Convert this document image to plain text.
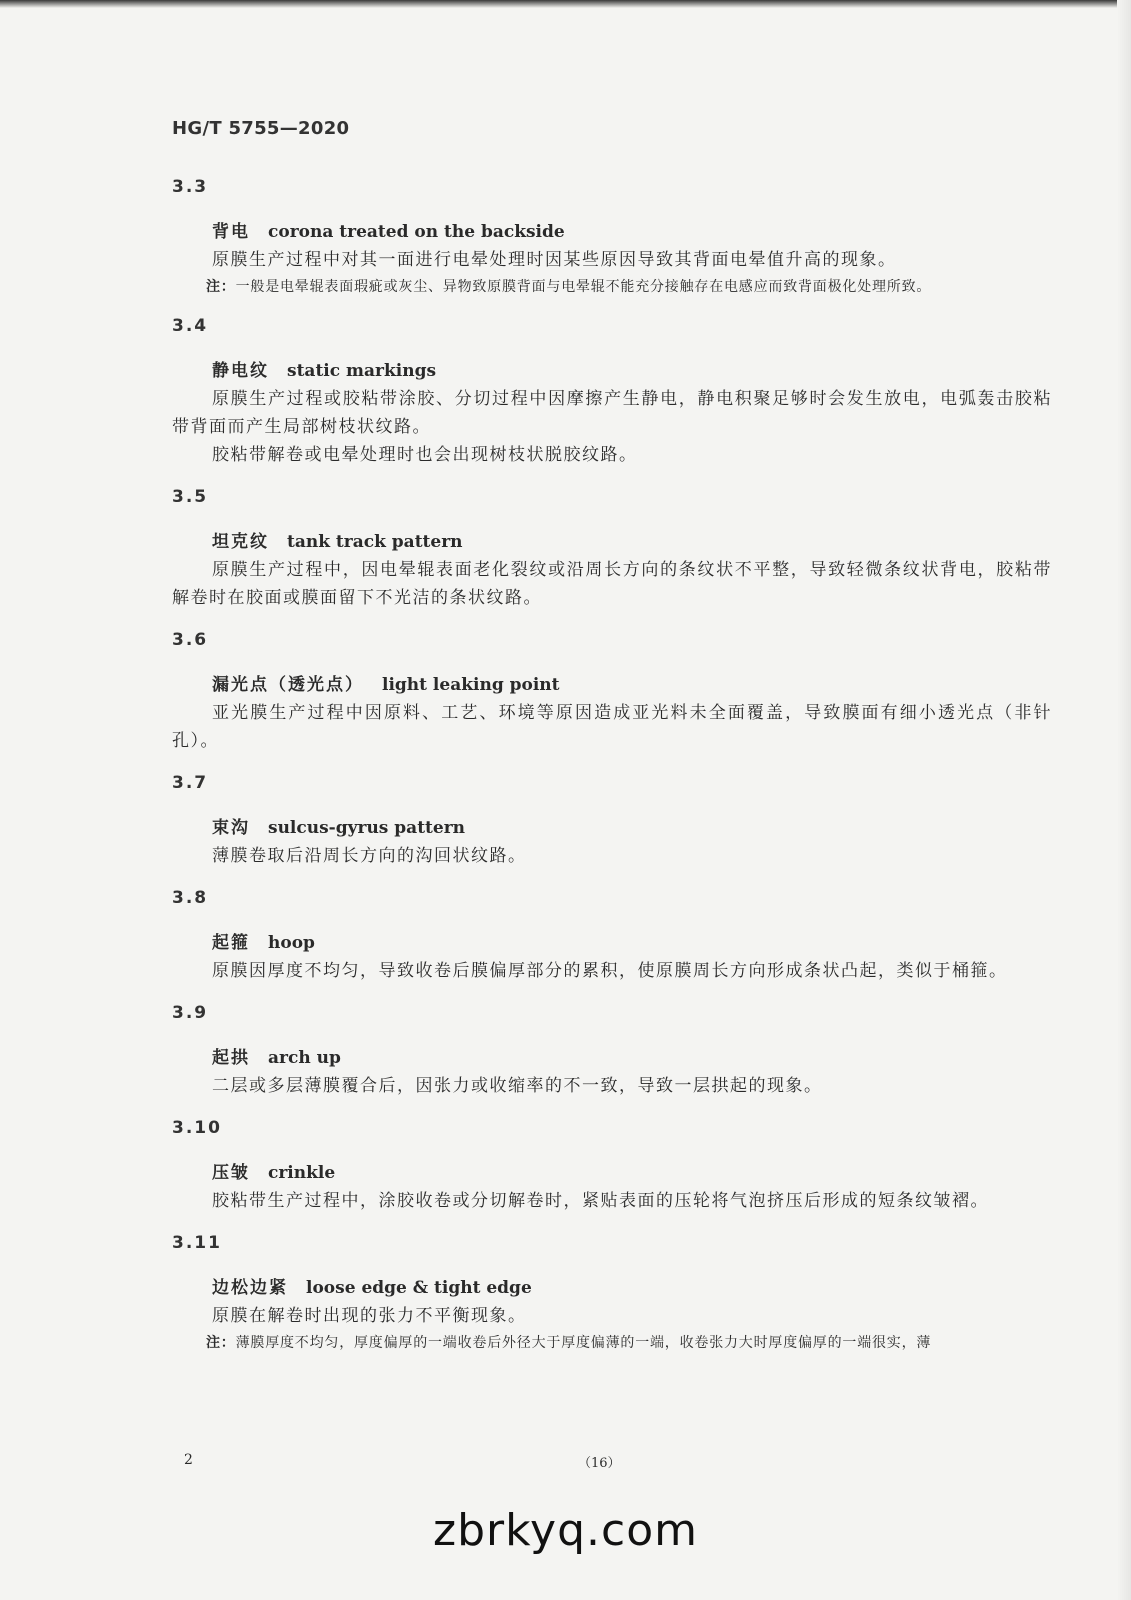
HG/T 5755—2020
3.3
背电 corona treated on the backside

原膜生产过程中对其一面进行电晕处理时因某些原因导致其背面电晕值升高的现象。

注：一般是电晕辊表面瑕疵或灰尘、异物致原膜背面与电晕辊不能充分接触存在电感应而致背面极化处理所致。
3.4
静电纹 static markings

原膜生产过程或胶粘带涂胶、分切过程中因摩擦产生静电，静电积聚足够时会发生放电，电弧轰击胶粘带背面而产生局部树枝状纹路。

胶粘带解卷或电晕处理时也会出现树枝状脱胶纹路。

3.5
坦克纹 tank track pattern

原膜生产过程中，因电晕辊表面老化裂纹或沿周长方向的条纹状不平整，导致轻微条纹状背电，胶粘带解卷时在胶面或膜面留下不光洁的条状纹路。

3.6
漏光点（透光点） light leaking point

亚光膜生产过程中因原料、工艺、环境等原因造成亚光料未全面覆盖，导致膜面有细小透光点（非针孔）。

3.7
束沟 sulcus-gyrus pattern

薄膜卷取后沿周长方向的沟回状纹路。

3.8
起箍 hoop

原膜因厚度不均匀，导致收卷后膜偏厚部分的累积，使原膜周长方向形成条状凸起，类似于桶箍。

3.9
起拱 arch up

二层或多层薄膜覆合后，因张力或收缩率的不一致，导致一层拱起的现象。

3.10
压皱 crinkle

胶粘带生产过程中，涂胶收卷或分切解卷时，紧贴表面的压轮将气泡挤压后形成的短条纹皱褶。

3.11
边松边紧 loose edge & tight edge

原膜在解卷时出现的张力不平衡现象。

注：薄膜厚度不均匀，厚度偏厚的一端收卷后外径大于厚度偏薄的一端，收卷张力大时厚度偏厚的一端很实，薄
2	（16）
zbrkyq.com
